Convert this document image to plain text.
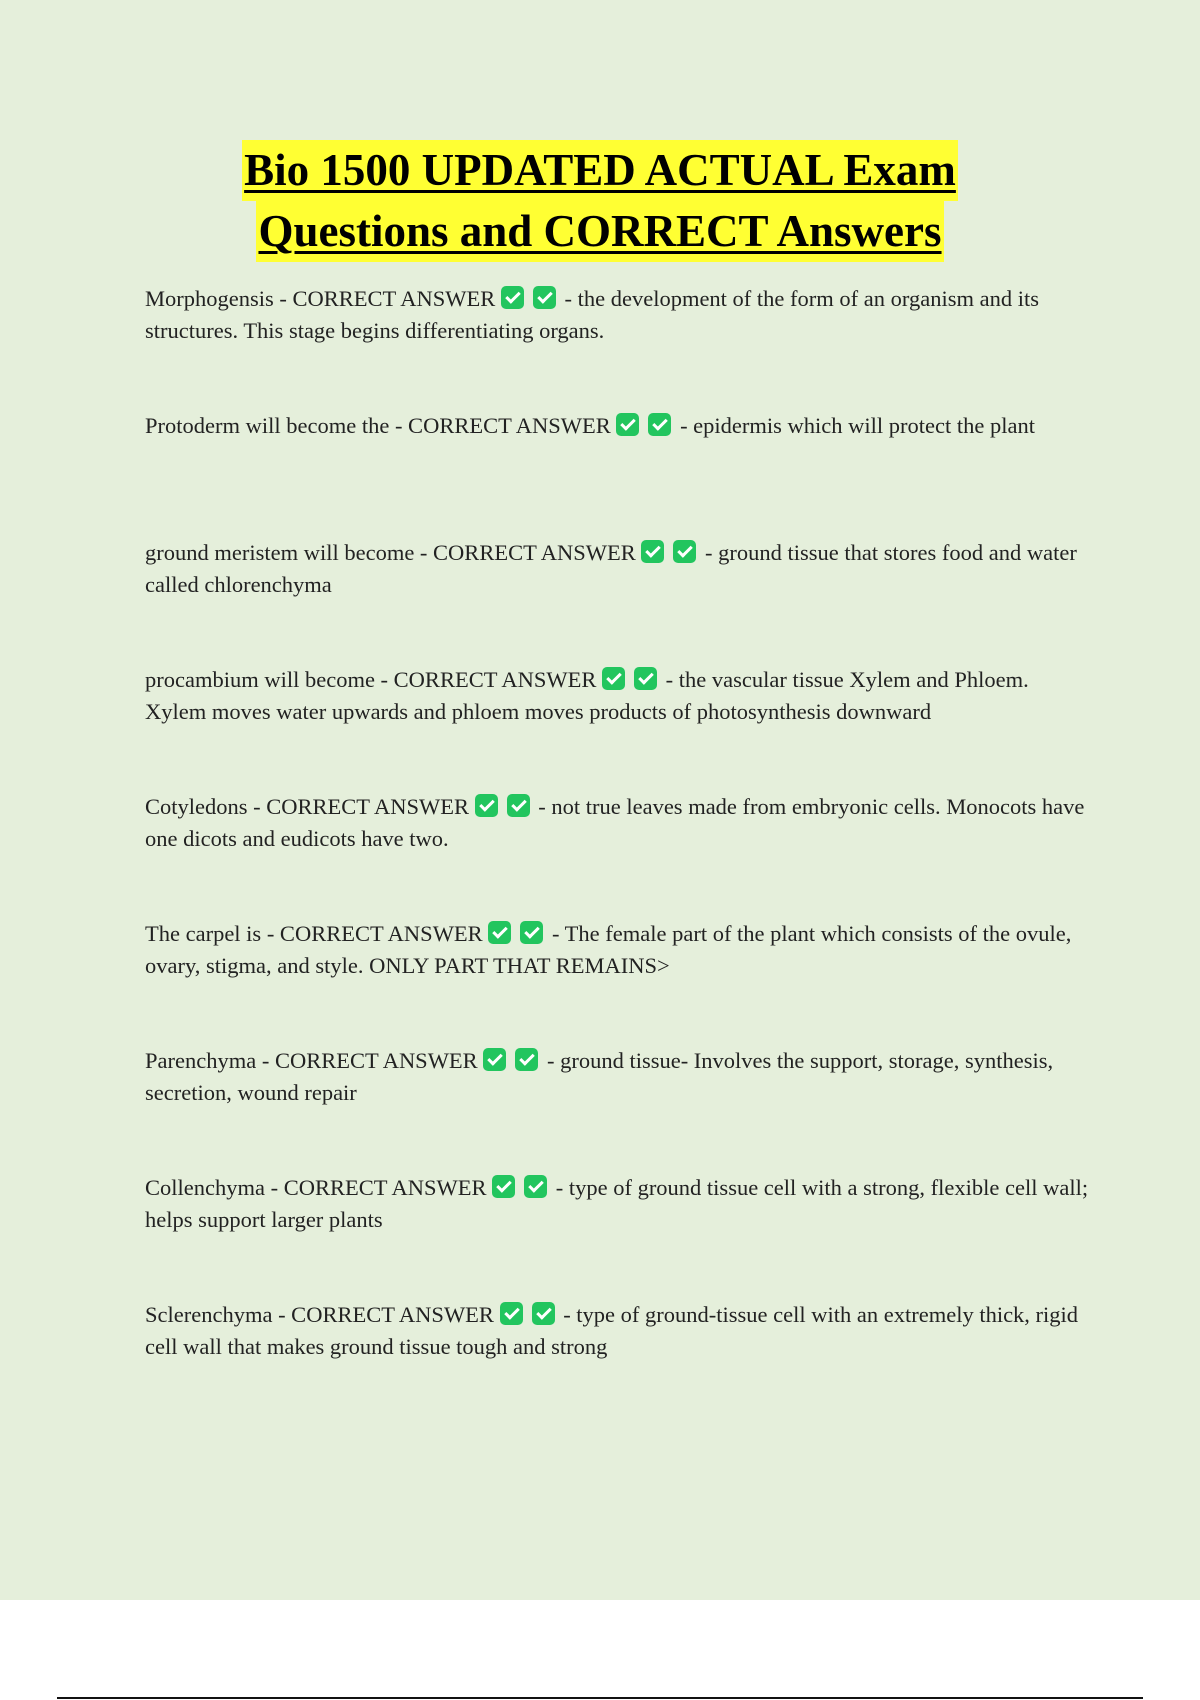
Bio 1500 UPDATED ACTUAL Exam
Questions and CORRECT Answers
Morphogensis - CORRECT ANSWER	- the development of the form of an organism and its structures. This stage begins differentiating organs.
Protoderm will become the - CORRECT ANSWER	- epidermis which will protect the plant
ground meristem will become - CORRECT ANSWER	- ground tissue that stores food and water called chlorenchyma
procambium will become - CORRECT ANSWER	- the vascular tissue Xylem and Phloem. Xylem moves water upwards and phloem moves products of photosynthesis downward
Cotyledons - CORRECT ANSWER	- not true leaves made from embryonic cells. Monocots have one dicots and eudicots have two.
The carpel is - CORRECT ANSWER	- The female part of the plant which consists of the ovule, ovary, stigma, and style. ONLY PART THAT REMAINS>
Parenchyma - CORRECT ANSWER	- ground tissue- Involves the support, storage, synthesis, secretion, wound repair
Collenchyma - CORRECT ANSWER	- type of ground tissue cell with a strong, flexible cell wall; helps support larger plants
Sclerenchyma - CORRECT ANSWER	- type of ground-tissue cell with an extremely thick, rigid cell wall that makes ground tissue tough and strong
